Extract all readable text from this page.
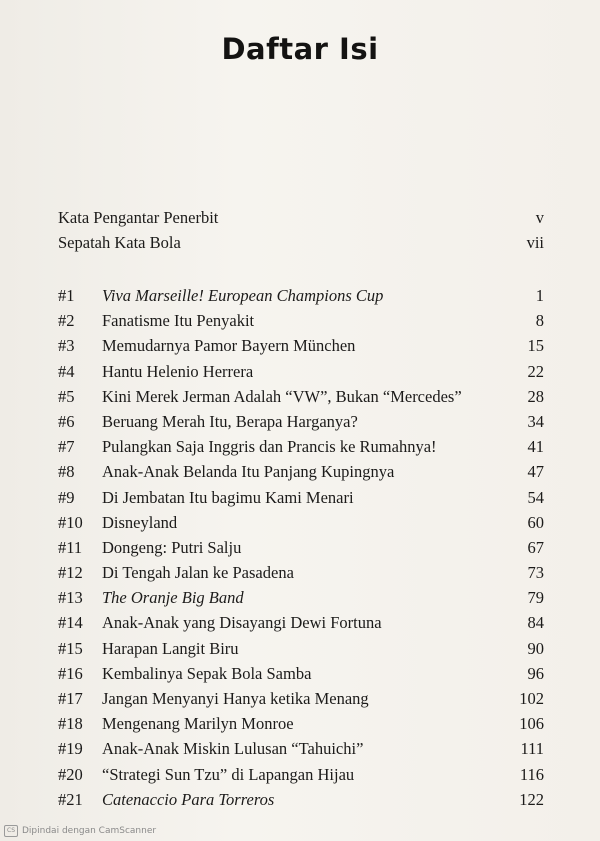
Daftar Isi
Kata Pengantar Penerbit	v
Sepatah Kata Bola	vii
#1	Viva Marseille! European Champions Cup	1
#2	Fanatisme Itu Penyakit	8
#3	Memudarnya Pamor Bayern München	15
#4	Hantu Helenio Herrera	22
#5	Kini Merek Jerman Adalah “VW”, Bukan “Mercedes”	28
#6	Beruang Merah Itu, Berapa Harganya?	34
#7	Pulangkan Saja Inggris dan Prancis ke Rumahnya!	41
#8	Anak-Anak Belanda Itu Panjang Kupingnya	47
#9	Di Jembatan Itu bagimu Kami Menari	54
#10	Disneyland	60
#11	Dongeng: Putri Salju	67
#12	Di Tengah Jalan ke Pasadena	73
#13	The Oranje Big Band	79
#14	Anak-Anak yang Disayangi Dewi Fortuna	84
#15	Harapan Langit Biru	90
#16	Kembalinya Sepak Bola Samba	96
#17	Jangan Menyanyi Hanya ketika Menang	102
#18	Mengenang Marilyn Monroe	106
#19	Anak-Anak Miskin Lulusan “Tahuichi”	111
#20	“Strategi Sun Tzu” di Lapangan Hijau	116
#21	Catenaccio Para Torreros	122
CS Dipindai dengan CamScanner
